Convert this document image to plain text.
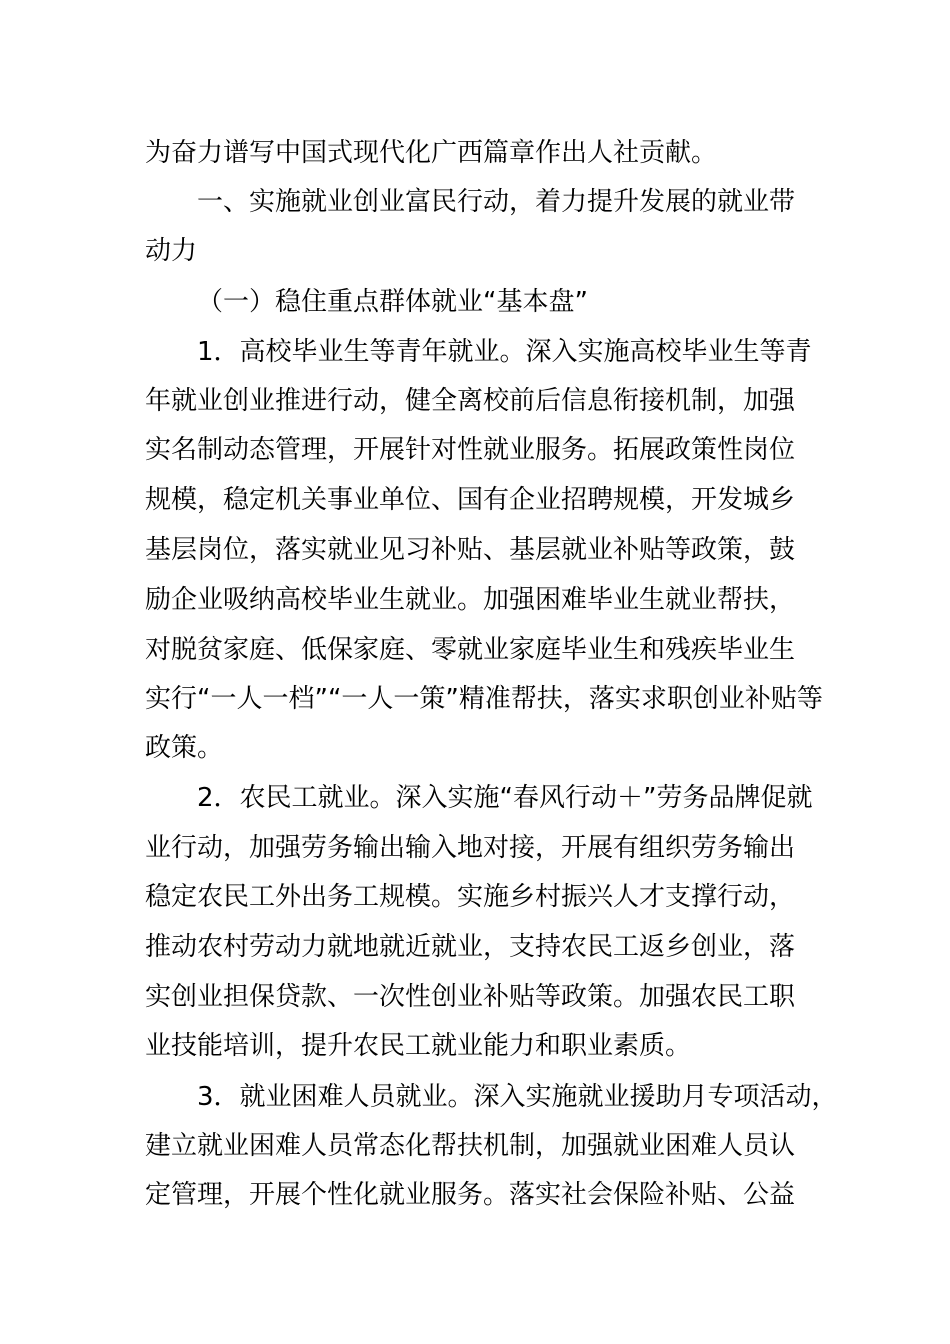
为奋力谱写中国式现代化广西篇章作出人社贡献。
一、实施就业创业富民行动，着力提升发展的就业带
动力
（一）稳住重点群体就业“基本盘”
1．高校毕业生等青年就业。深入实施高校毕业生等青
年就业创业推进行动，健全离校前后信息衔接机制，加强
实名制动态管理，开展针对性就业服务。拓展政策性岗位
规模，稳定机关事业单位、国有企业招聘规模，开发城乡
基层岗位，落实就业见习补贴、基层就业补贴等政策，鼓
励企业吸纳高校毕业生就业。加强困难毕业生就业帮扶，
对脱贫家庭、低保家庭、零就业家庭毕业生和残疾毕业生
实行“一人一档”“一人一策”精准帮扶，落实求职创业补贴等
政策。
2．农民工就业。深入实施“春风行动＋”劳务品牌促就
业行动，加强劳务输出输入地对接，开展有组织劳务输出
稳定农民工外出务工规模。实施乡村振兴人才支撑行动，
推动农村劳动力就地就近就业，支持农民工返乡创业，落
实创业担保贷款、一次性创业补贴等政策。加强农民工职
业技能培训，提升农民工就业能力和职业素质。
3．就业困难人员就业。深入实施就业援助月专项活动，
建立就业困难人员常态化帮扶机制，加强就业困难人员认
定管理，开展个性化就业服务。落实社会保险补贴、公益
